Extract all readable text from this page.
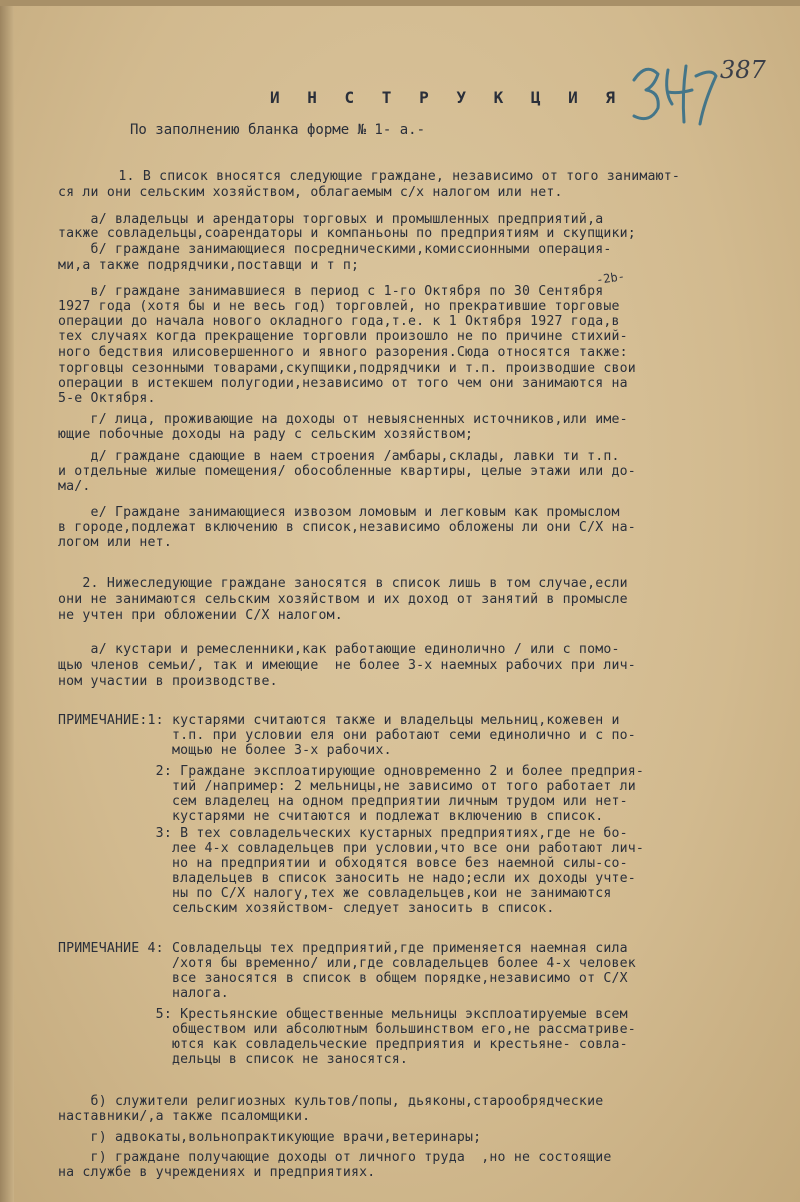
387
И Н С Т Р У К Ц И Я
По заполнению бланка форме № 1- а.-
-2b-
1. В список вносятся следующие граждане, независимо от того занимают-
ся ли они сельским хозяйством, облагаемым с/х налогом или нет.
а/ владельцы и арендаторы торговых и промышленных предприятий,а
также совладельцы,соарендаторы и компаньоны по предприятиям и скупщики;
б/ граждане занимающиеся посредническими,комиссионными операция-
ми,а также подрядчики,поставщи и т п;
в/ граждане занимавшиеся в период с 1-го Октября по 30 Сентября
1927 года (хотя бы и не весь год) торговлей, но прекратившие торговые
операции до начала нового окладного года,т.е. к 1 Октября 1927 года,в
тех случаях когда прекращение торговли произошло не по причине стихий-
ного бедствия илисовершенного и явного разорения.Сюда относятся также:
торговцы сезонными товарами,скупщики,подрядчики и т.п. производшие свои
операции в истекшем полугодии,независимо от того чем они занимаются на
5-е Октября.
г/ лица, проживающие на доходы от невыясненных источников,или име-
ющие побочные доходы на раду с сельским хозяйством;
д/ граждане сдающие в наем строения /амбары,склады, лавки ти т.п.
и отдельные жилые помещения/ обособленные квартиры, целые этажи или до-
ма/.
е/ Граждане занимающиеся извозом ломовым и легковым как промыслом
в городе,подлежат включению в список,независимо обложены ли они С/Х на-
логом или нет.
2. Нижеследующие граждане заносятся в список лишь в том случае,если
они не занимаются сельским хозяйством и их доход от занятий в промысле
не учтен при обложении С/Х налогом.
а/ кустари и ремесленники,как работающие единолично / или с помо-
щью членов семьи/, так и имеющие  не более 3-х наемных рабочих при лич-
ном участии в производстве.
ПРИМЕЧАНИЕ:1: кустарями считаются также и владельцы мельниц,кожевен и
т.п. при условии еля они работают семи единолично и с по-
мощью не более 3-х рабочих.
2: Граждане эксплоатирующие одновременно 2 и более предприя-
тий /например: 2 мельницы,не зависимо от того работает ли
сем владелец на одном предприятии личным трудом или нет-
кустарями не считаются и подлежат включению в список.
3: В тех совладельческих кустарных предприятиях,где не бо-
лее 4-х совладельцев при условии,что все они работают лич-
но на предприятии и обходятся вовсе без наемной силы-со-
владельцев в список заносить не надо;если их доходы учте-
ны по С/Х налогу,тех же совладельцев,кои не занимаются
сельским хозяйством- следует заносить в список.
ПРИМЕЧАНИЕ 4: Совладельцы тех предприятий,где применяется наемная сила
/хотя бы временно/ или,где совладельцев более 4-х человек
все заносятся в список в общем порядке,независимо от С/Х
налога.
5: Крестьянские общественные мельницы эксплоатируемые всем
обществом или абсолютным большинством его,не рассматриве-
ются как совладельческие предприятия и крестьяне- совла-
дельцы в список не заносятся.
б) служители религиозных культов/попы, дьяконы,старообрядческие
наставники/,а также псаломщики.
г) адвокаты,вольнопрактикующие врачи,ветеринары;
г) граждане получающие доходы от личного труда  ,но не состоящие
на службе в учреждениях и предприятиях.
